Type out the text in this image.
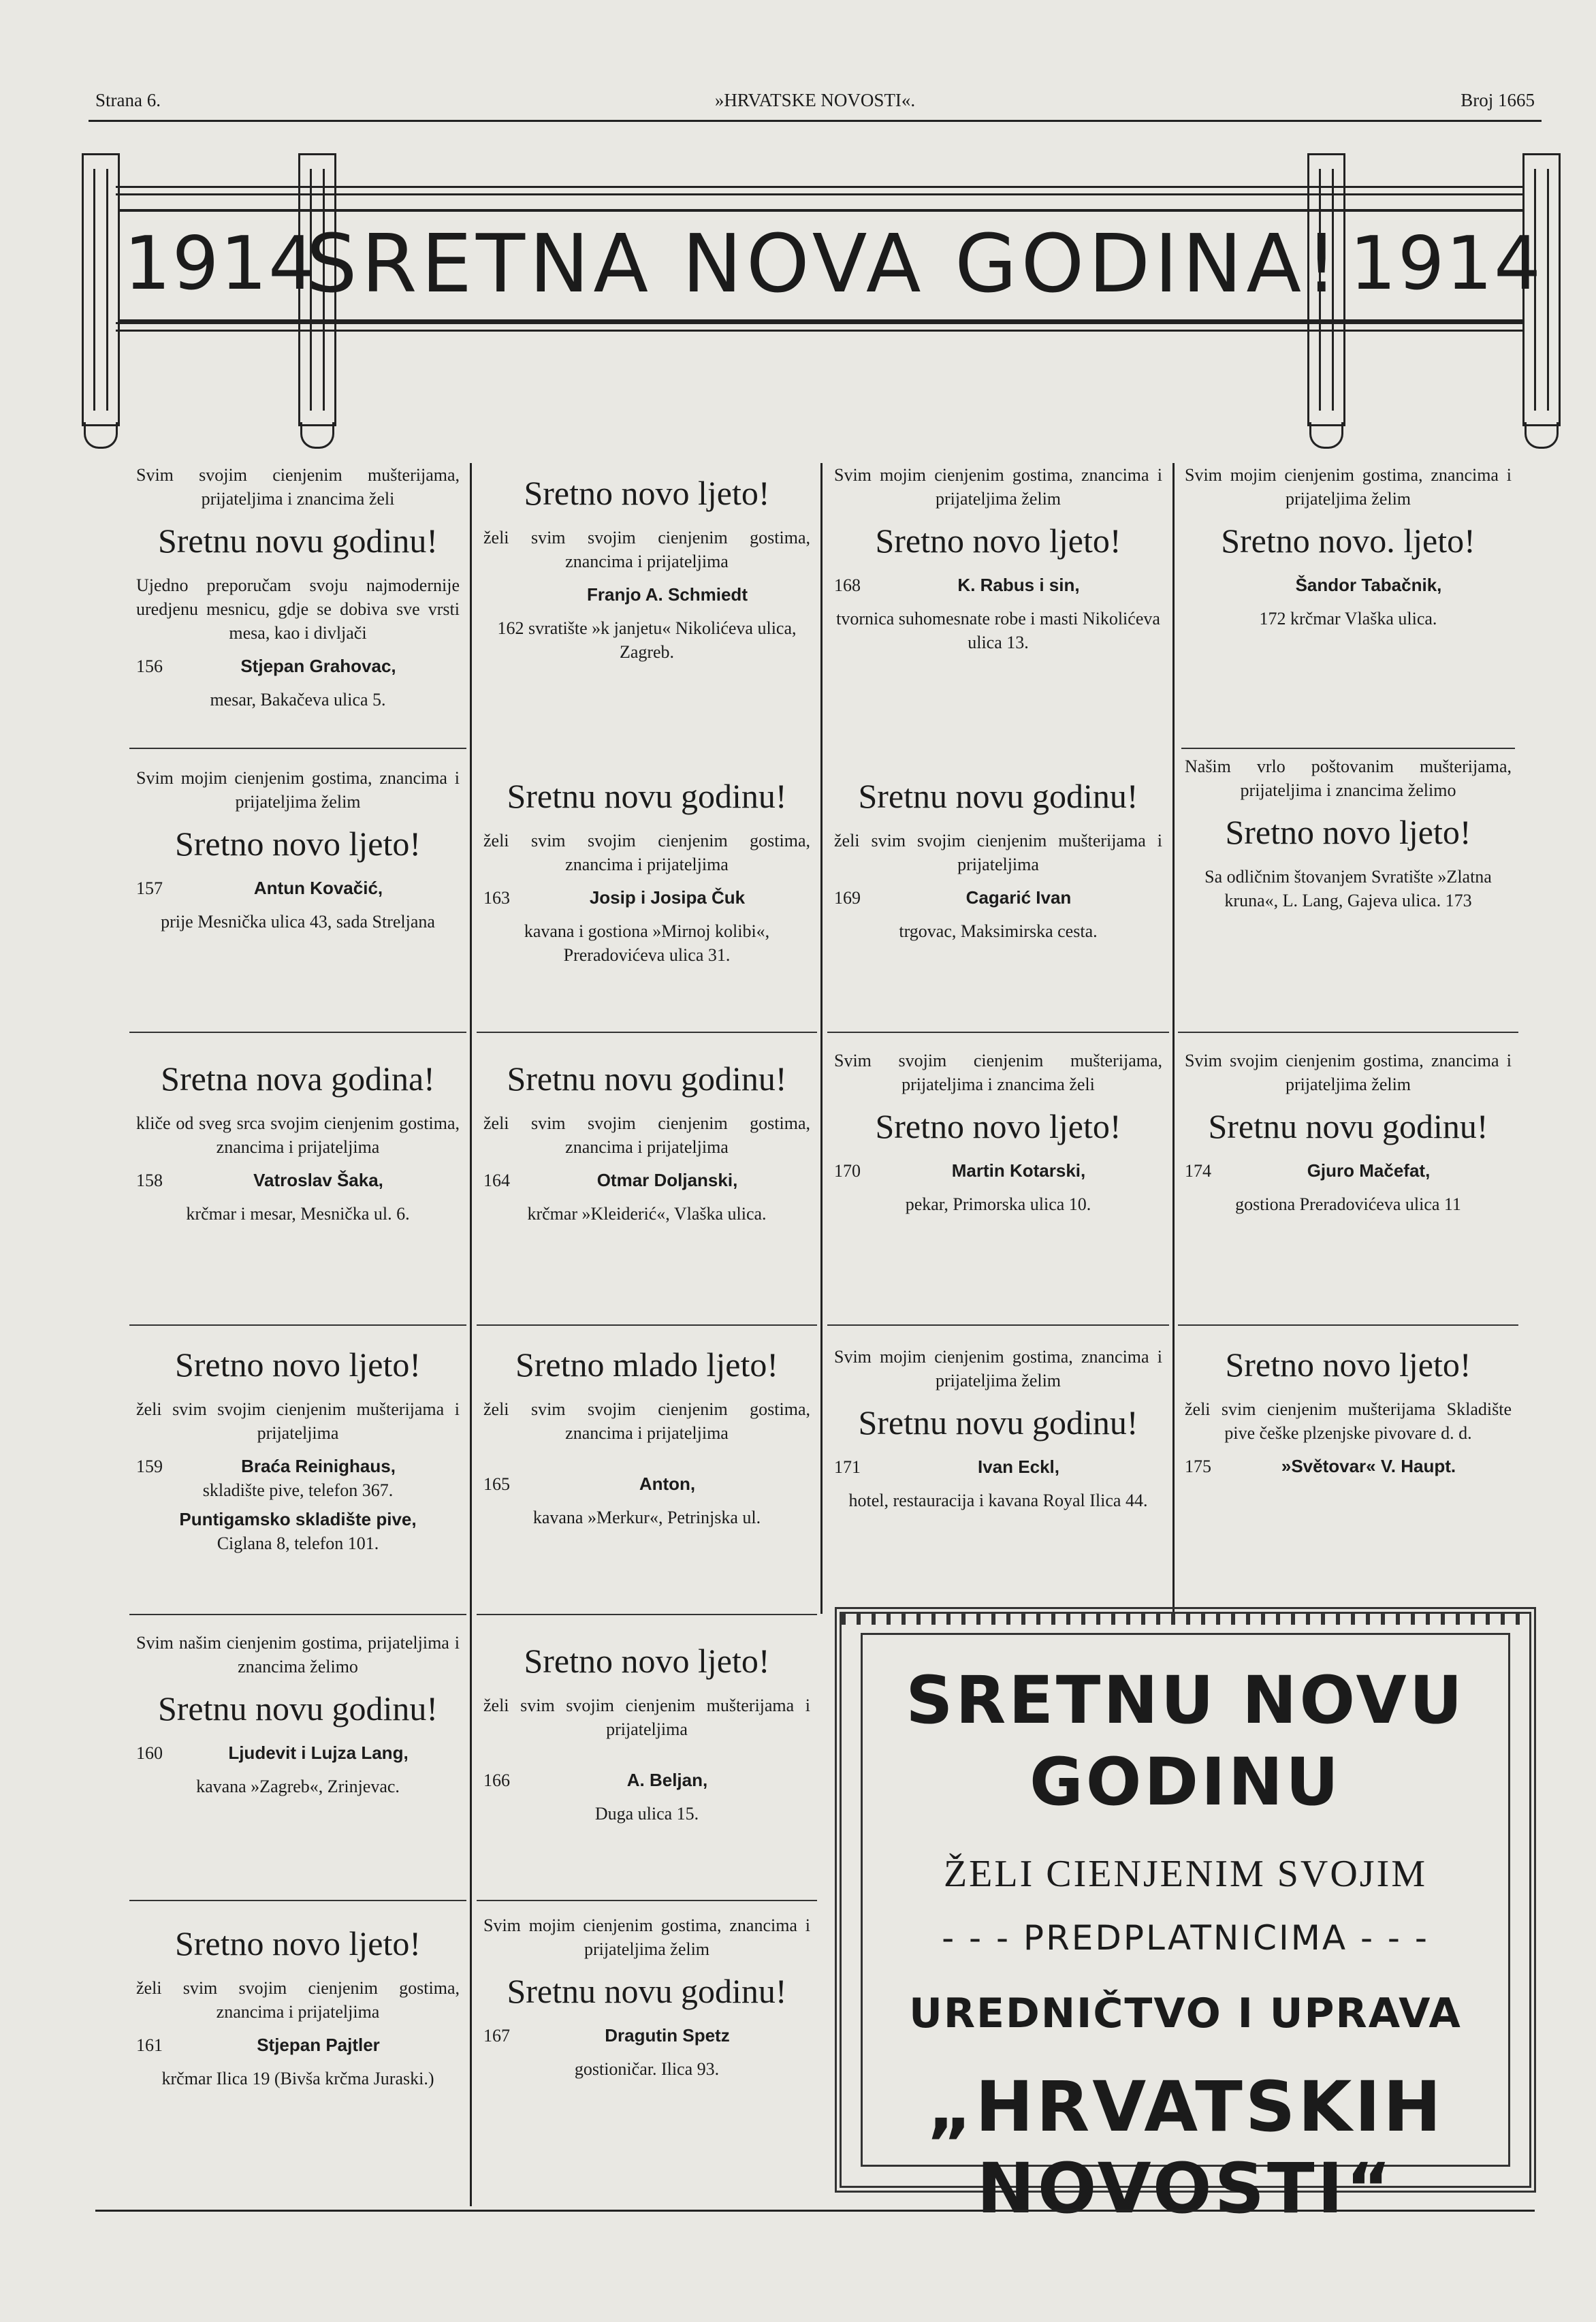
Strana 6.	»HRVATSKE NOVOSTI«.	Broj 1665
1914
SRETNA NOVA GODINA! 1914
Svim svojim cienjenim mušterijama, prijateljima i znancima želi
Sretnu novu godinu!
Ujedno preporučam svoju najmoderniјe uredjenu mesnicu, gdje se dobiva sve vrsti mesa, kao i divljači
156	Stjepan Grahovac,
mesar, Bakačeva ulica 5.
Sretno novo ljeto!
želi svim svojim cienjenim gostima, znancima i prijateljima
Franjo A. Schmiedt
162 svratište »k janjetu« Nikolićeva ulica, Zagreb.
Svim mojim cienjenim gostima, znancima i prijateljima želim
Sretno novo ljeto!
168	K. Rabus i sin,
tvornica suhomesnate robe i masti Nikolićeva ulica 13.
Svim mojim cienjenim gostima, znancima i prijateljima želim
Sretno novo. ljeto!
Šandor Tabačnik,
172 krčmar Vlaška ulica.
Svim mojim cienjenim gostima, znancima i prijateljima želim
Sretno novo ljeto!
157	Antun Kovačić,
prije Mesnička ulica 43, sada Streljana
Sretnu novu godinu!
želi svim svojim cienjenim gostima, znancima i prijateljima
163	Josip i Josipa Čuk
kavana i gostiona »Mirnoj kolibi«, Preradovićeva ulica 31.
Sretnu novu godinu!
želi svim svojim cienjenim mušterijama i prijateljima
169	Cagarić Ivan
trgovac, Maksimirska cesta.
Našim vrlo poštovanim mušterijama, prijateljima i znancima želimo
Sretno novo ljeto!
Sa odličnim štovanjem Svratište »Zlatna kruna«, L. Lang, Gajeva ulica. 173
Sretna nova godina!
kliče od sveg srca svojim cienjenim gostima, znancima i prijateljima
158	Vatroslav Šaka,
krčmar i mesar, Mesnička ul. 6.
Sretnu novu godinu!
želi svim svojim cienjenim gostima, znancima i prijateljima
164	Otmar Doljanski,
krčmar »Kleiderić«, Vlaška ulica.
Svim svojim cienjenim mušterijama, prijateljima i znancima želi
Sretno novo ljeto!
170	Martin Kotarski,
pekar, Primorska ulica 10.
Svim svojim cienjenim gostima, znancima i prijateljima želim
Sretnu novu godinu!
174	Gjuro Mačefat,
gostiona Preradovićeva ulica 11
Sretno novo ljeto!
želi svim svojim cienjenim mušterijama i prijateljima
159	Braća Reinighaus,
skladište pive, telefon 367.
Puntigamsko skladište pive,
Ciglana 8, telefon 101.
Sretno mlado ljeto!
želi svim svojim cienjenim gostima, znancima i prijateljima
165	Anton,
kavana »Merkur«, Petrinjska ul.
Svim mojim cienjenim gostima, znancima i prijateljima želim
Sretnu novu godinu!
171	Ivan Eckl,
hotel, restauracija i kavana Royal Ilica 44.
Sretno novo ljeto!
želi svim cienjenim mušterijama Skladište pive češke plzenjske pivovare d. d.
175	»Světovar« V. Haupt.
Svim našim cienjenim gostima, prijateljima i znancima želimo
Sretnu novu godinu!
160	Ljudevit i Lujza Lang,
kavana »Zagreb«, Zrinjevac.
Sretno novo ljeto!
želi svim svojim cienjenim mušterijama i prijateljima
166	A. Beljan,
Duga ulica 15.
Sretno novo ljeto!
želi svim svojim cienjenim gostima, znancima i prijateljima
161	Stjepan Pajtler
krčmar Ilica 19 (Bivša krčma Juraski.)
Svim mojim cienjenim gostima, znancima i prijateljima želim
Sretnu novu godinu!
167	Dragutin Spetz
gostioničar. Ilica 93.
SRETNU NOVU GODINU
ŽELI CIENJENIM SVOJIM
- - - PREDPLATNICIMA - - -
UREDNIČTVO I UPRAVA
„HRVATSKIH NOVOSTI“
